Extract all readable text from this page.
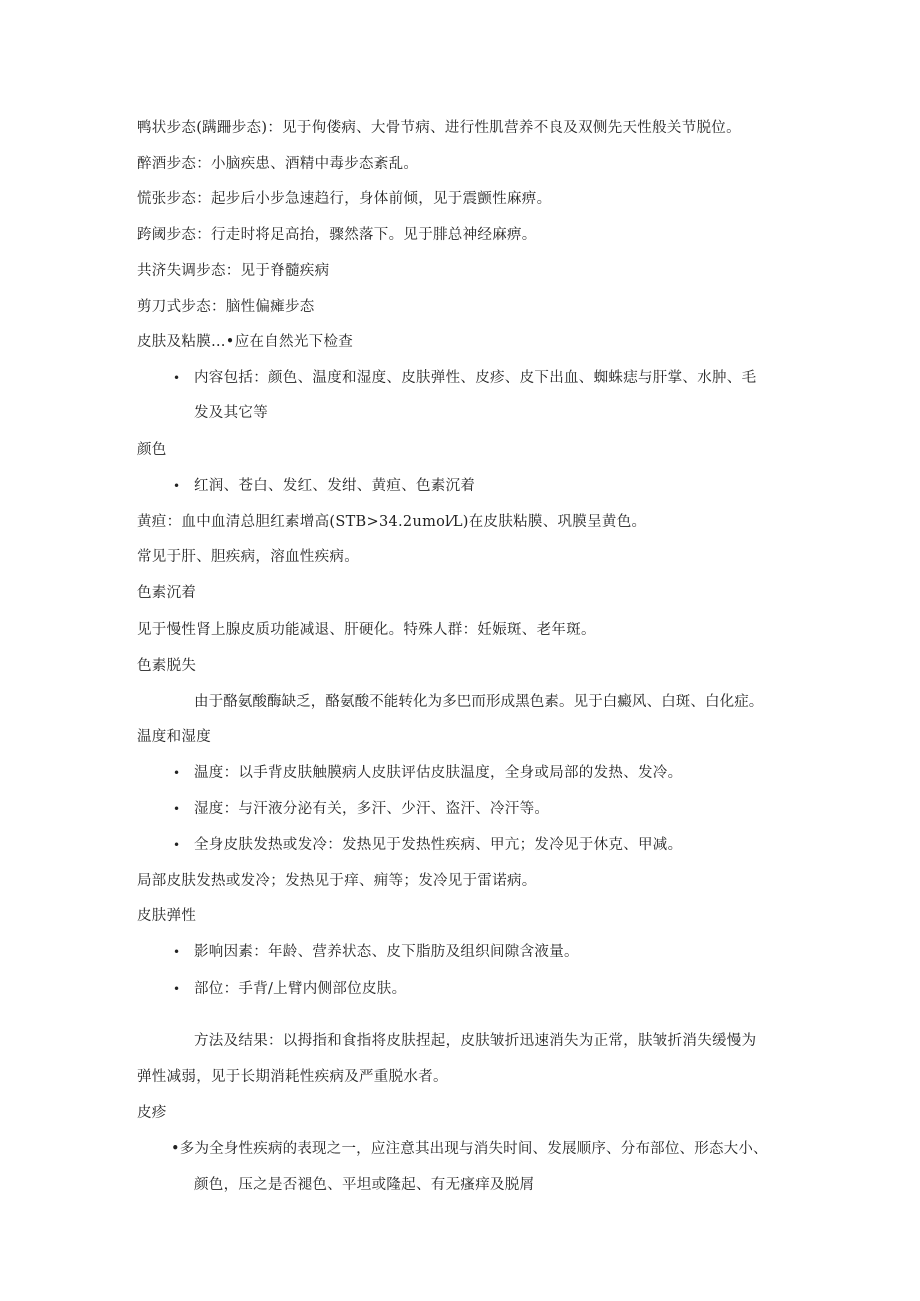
鸭状步态(蹒跚步态)：见于佝偻病、大骨节病、进行性肌营养不良及双侧先天性般关节脱位。
醉酒步态：小脑疾患、酒精中毒步态紊乱。
慌张步态：起步后小步急速趋行，身体前倾，见于震颤性麻痹。
跨阈步态：行走时将足高抬，骤然落下。见于腓总神经麻痹。
共济失调步态：见于脊髓疾病
剪刀式步态：脑性偏瘫步态
皮肤及粘膜…•应在自然光下检查
• 内容包括：颜色、温度和湿度、皮肤弹性、皮疹、皮下出血、蜘蛛痣与肝掌、水肿、毛
发及其它等
颜色
• 红润、苍白、发红、发绀、黄疸、色素沉着
黄疸：血中血清总胆红素增高(STB>34.2umol⁄L)在皮肤粘膜、巩膜呈黄色。
常见于肝、胆疾病，溶血性疾病。
色素沉着
见于慢性肾上腺皮质功能减退、肝硬化。特殊人群：妊娠斑、老年斑。
色素脱失
由于酪氨酸酶缺乏，酪氨酸不能转化为多巴而形成黑色素。见于白癜风、白斑、白化症。
温度和湿度
• 温度：以手背皮肤触膜病人皮肤评估皮肤温度，全身或局部的发热、发冷。
• 湿度：与汗液分泌有关，多汗、少汗、盗汗、冷汗等。
• 全身皮肤发热或发冷：发热见于发热性疾病、甲亢；发冷见于休克、甲减。
局部皮肤发热或发冷；发热见于痒、痈等；发冷见于雷诺病。
皮肤弹性
• 影响因素：年龄、营养状态、皮下脂肪及组织间隙含液量。
• 部位：手背/上臂内侧部位皮肤。
方法及结果：以拇指和食指将皮肤捏起，皮肤皱折迅速消失为正常，肤皱折消失缓慢为
弹性减弱，见于长期消耗性疾病及严重脱水者。
皮疹
•多为全身性疾病的表现之一，应注意其出现与消失时间、发展顺序、分布部位、形态大小、
颜色，压之是否褪色、平坦或隆起、有无瘙痒及脱屑
